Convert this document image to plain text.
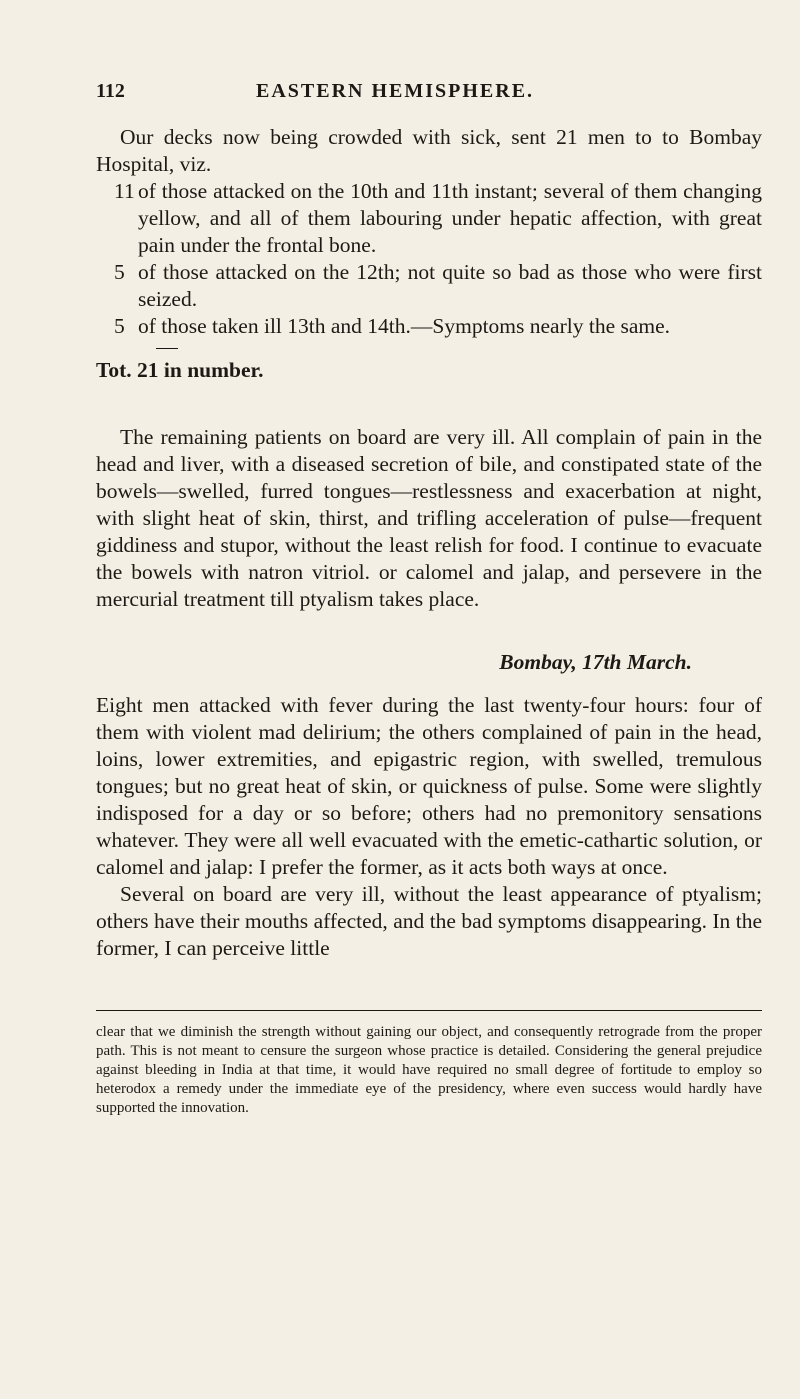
112	EASTERN HEMISPHERE.

Our decks now being crowded with sick, sent 21 men to to Bombay Hospital, viz.

11 of those attacked on the 10th and 11th instant; several of them changing yellow, and all of them labouring under hepatic affection, with great pain under the frontal bone.
5 of those attacked on the 12th; not quite so bad as those who were first seized.
5 of those taken ill 13th and 14th.—Symptoms nearly the same.

Tot. 21 in number.

The remaining patients on board are very ill. All complain of pain in the head and liver, with a diseased secretion of bile, and constipated state of the bowels—swelled, furred tongues—restlessness and exacerbation at night, with slight heat of skin, thirst, and trifling acceleration of pulse—frequent giddiness and stupor, without the least relish for food. I continue to evacuate the bowels with natron vitriol. or calomel and jalap, and persevere in the mercurial treatment till ptyalism takes place.

Bombay, 17th March.

Eight men attacked with fever during the last twenty-four hours: four of them with violent mad delirium; the others complained of pain in the head, loins, lower extremities, and epigastric region, with swelled, tremulous tongues; but no great heat of skin, or quickness of pulse. Some were slightly indisposed for a day or so before; others had no premonitory sensations whatever. They were all well evacuated with the emetic-cathartic solution, or calomel and jalap: I prefer the former, as it acts both ways at once.

Several on board are very ill, without the least appearance of ptyalism; others have their mouths affected, and the bad symptoms disappearing. In the former, I can perceive little

clear that we diminish the strength without gaining our object, and consequently retrograde from the proper path. This is not meant to censure the surgeon whose practice is detailed. Considering the general prejudice against bleeding in India at that time, it would have required no small degree of fortitude to employ so heterodox a remedy under the immediate eye of the presidency, where even success would hardly have supported the innovation.
